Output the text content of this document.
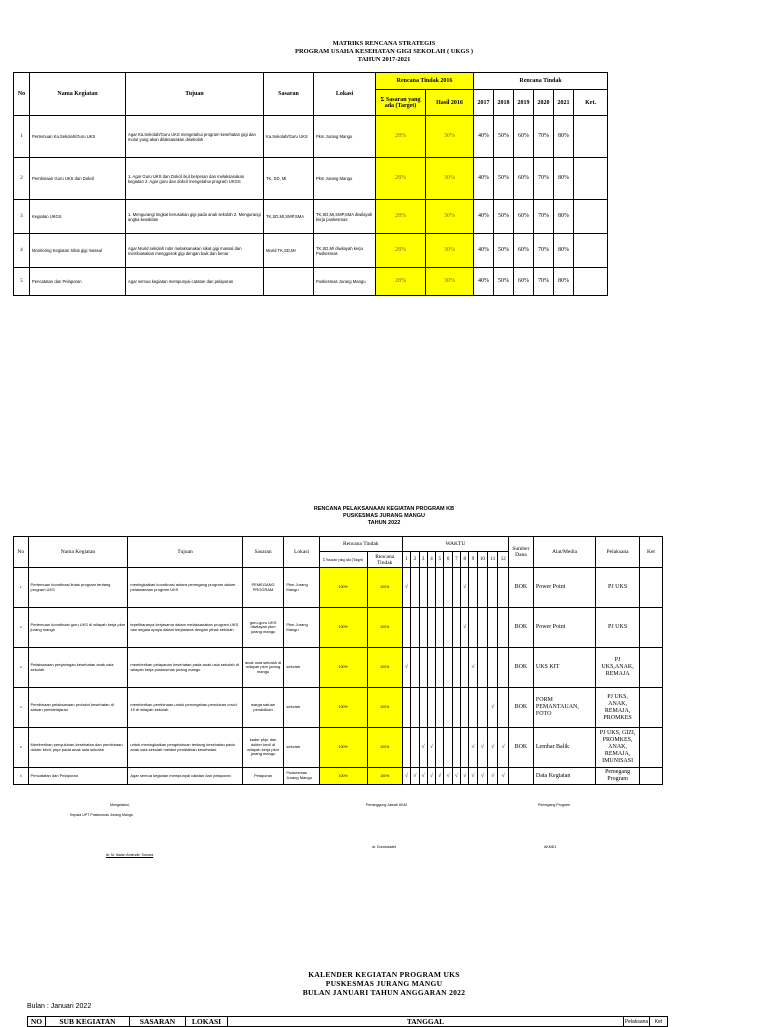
MATRIKS RENCANA STRATEGIS
PROGRAM USAHA KESEHATAN GIGI SEKOLAH ( UKGS )
TAHUN 2017-2021
No	Nama Kegiatan	Tujuan	Sasaran	Lokasi	Rencana Tindak 2016		Rencana Tindak					
					Σ Sasaran yang ada (Target)	Hasil 2016	2017	2018	2019	2020	2021	Ket.
1	Pertemuan Ka.Sekolah/Guru UKS	Agar Ka.Sekolah/Guru UKS mengetahui program kesehatan gigi dan mulut yang akan dilaksanakan disekolah	Ka.Sekolah/Guru UKS	Pkm Jurang Mangu	28%	30%	40%	50%	60%	70%	80%	
2	Pembinaan Guru UKS dan Dokcil	1. Agar Guru UKS dan Dokcil ikut berperan dan melaksanakan kegiatan 2. Agar guru dan dokcil mengetahui program UKGS	TK, SD, MI	Pkm Jurang Mangu	28%	30%	40%	50%	60%	70%	80%	
3	Kegiatan UKGS	1. Mengurangi tingkat kerusakan gigi pada anak sekolah 2. Mengurangi angka kesakitan	TK,SD,MI,SMP,SMA	TK,SD,MI,SMP,SMA diwilayah kerja puskesmas	28%	30%	40%	50%	60%	70%	80%	
4	Monitoring Kegiatan Sikat gigi massal	Agar Murid sekolah rutin melaksanakan sikat gigi massal dan membiasakan menggosok gigi dengan baik dan benar	Murid TK,SD,MI	TK,SD,MI diwilayah kerja Puskesmas	28%	30%	40%	50%	60%	70%	80%	
5	Pencatatan dan Pelaporan	Agar semua kegiatan mempunyai catatan dan pelaporan		Puskesmas Jurang Mangu	28%	30%	40%	50%	60%	70%	80%	
RENCANA PELAKSANAAN KEGIATAN PROGRAM KB
PUSKESMAS JURANG MANGU
TAHUN 2022
No	Nama Kegiatan	Tujuan	Sasaran	Lokasi	Rencana Tindak		WAKTU												Sumber Dana	Alat/Media	Pelaksana	Ket
					Σ Sasaran yang ada (Target)	Rencana Tindak	1	2	3	4	5	6	7	8	9	10	11	12				
1	Pertemuan koordinasi lintas program tentang program UKS	meningkatkan koordinasi antara pemegang program dalam pelaksanaan program UKS	PEMEGANG PROGRAM	Pkm Jurang Mangu	100%	100%	√							√					BOK	Power Point	PJ UKS	
2	Pertemuan koordinasi guru UKS di wilayah kerja pkm jurang mangu	tepeliharanya kerjasama dalam melaksanakan program UKS dan segala upaya dalam kerjasama dengan pihak sekolah	guru-guru UKS diwilayah pkm jurang mangu	Pkm Jurang Mangu	100%	100%								√					BOK	Power Point	PJ UKS	
3	Pelaksanaan penjaringan kesehatan anak usia sekolah	memberikan pelayanan kesehatan pada anak usia sekolah di wilayah kerja puskesmas jurang mangu	anak usia sekolah di wilayah pkm jurang mangu	sekolah	100%	100%	√								√				BOK	UKS KIT	PJ UKS,ANAK, REMAJA	
4	Pembinaan pelaksanaan protokol kesehatan di satuan pembelajaran	memberikan pembinaan untuk pencegahan penularan covid 19 di wilayah sekolah	warga satuan pendidikan	sekolah	100%	100%											√		BOK	FORM PEMANTAUAN, FOTO	PJ UKS, ANAK, REMAJA, PROMKES	
5	Memberikan penyuluhan kesehatan dan pembinaan dokter kecil, pkpr pada anak usia sekolah	untuk meningkatkan pengetahuan tentang kesehatan pada anak usia sekolah melalui pendidikan kesehatan.	kader pkpr dan dokter kecil di wilayah kerja pkm jurang mangu	sekolah	100%	100%			√	√					√	√	√	√	BOK	Lembar Balik	PJ UKS, GIZI, PROMKES, ANAK, REMAJA, IMUNISASI	
6	Pencatatan dan Pelaporan	Agar semua kegiatan mempunyai catatan dan pelaporan	Pelaporan	Puskesmas Jurang Mangu	100%	100%	√	√	√	√	√	√	√	√	√	√	√	√		Data Kegiatan	Pemegang Program	
Mengetahui,
Kepala UPT Puskesmas Jurang Mangu
dr. M. Ikwan Amirudin Tomara
Penanggung Jawab UKM
dr. Durotussahl
Pemegang Program
AKMD1
KALENDER KEGIATAN PROGRAM UKS
PUSKESMAS JURANG MANGU
BULAN JANUARI TAHUN ANGGARAN 2022
Bulan : Januari 2022
NO	SUB KEGIATAN	SASARAN	LOKASI	TANGGAL	Pelaksana	Ket
